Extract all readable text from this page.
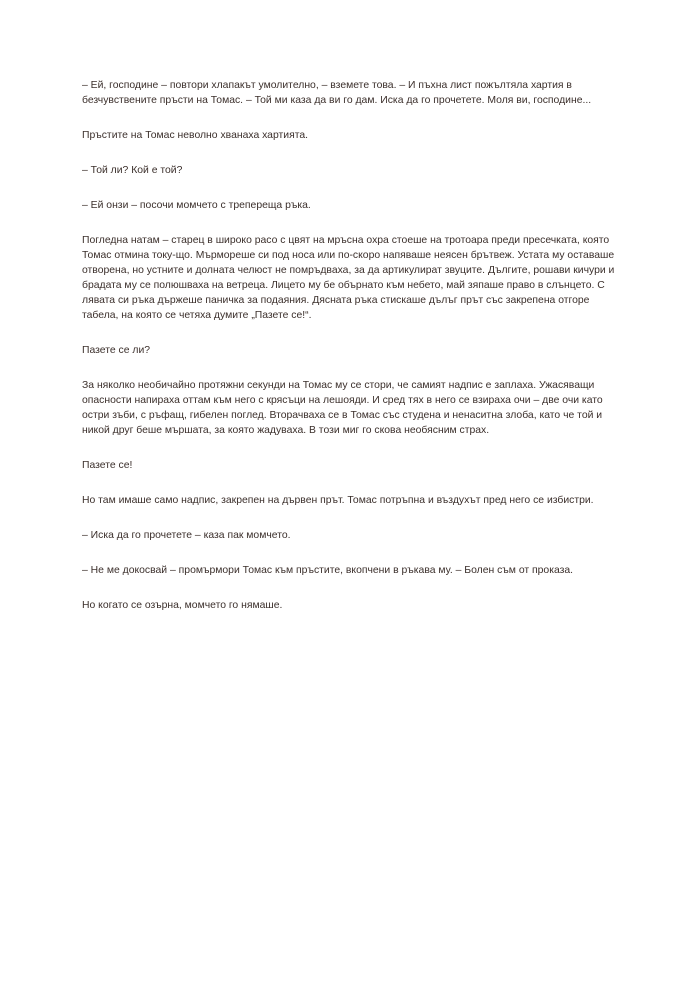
– Ей, господине – повтори хлапакът умолително, – вземете това. – И пъхна лист пожълтяла хартия в безчувствените пръсти на Томас. – Той ми каза да ви го дам. Иска да го прочетете. Моля ви, господине...

Пръстите на Томас неволно хванаха хартията.

– Той ли? Кой е той?

– Ей онзи – посочи момчето с трепереща ръка.

Погледна натам – старец в широко расо с цвят на мръсна охра стоеше на тротоара преди пресечката, която Томас отмина току-що. Мърмореше си под носа или по-скоро напяваше неясен брътвеж. Устата му оставаше отворена, но устните и долната челюст не помръдваха, за да артикулират звуците. Дългите, рошави кичури и брадата му се полюшваха на ветреца. Лицето му бе обърнато към небето, май зяпаше право в слънцето. С лявата си ръка държеше паничка за подаяния. Дясната ръка стискаше дълъг прът със закрепена отгоре табела, на която се четяха думите „Пазете се!“.

Пазете се ли?

За няколко необичайно протяжни секунди на Томас му се стори, че самият надпис е заплаха. Ужасяващи опасности напираха оттам към него с крясъци на лешояди. И сред тях в него се взираха очи – две очи като остри зъби, с ръфащ, гибелен поглед. Вторачваха се в Томас със студена и ненаситна злоба, като че той и никой друг беше мършата, за която жадуваха. В този миг го скова необясним страх.

Пазете се!

Но там имаше само надпис, закрепен на дървен прът. Томас потръпна и въздухът пред него се избистри.

– Иска да го прочетете – каза пак момчето.

– Не ме докосвай – промърмори Томас към пръстите, вкопчени в ръкава му. – Болен съм от проказа.

Но когато се озърна, момчето го нямаше.
